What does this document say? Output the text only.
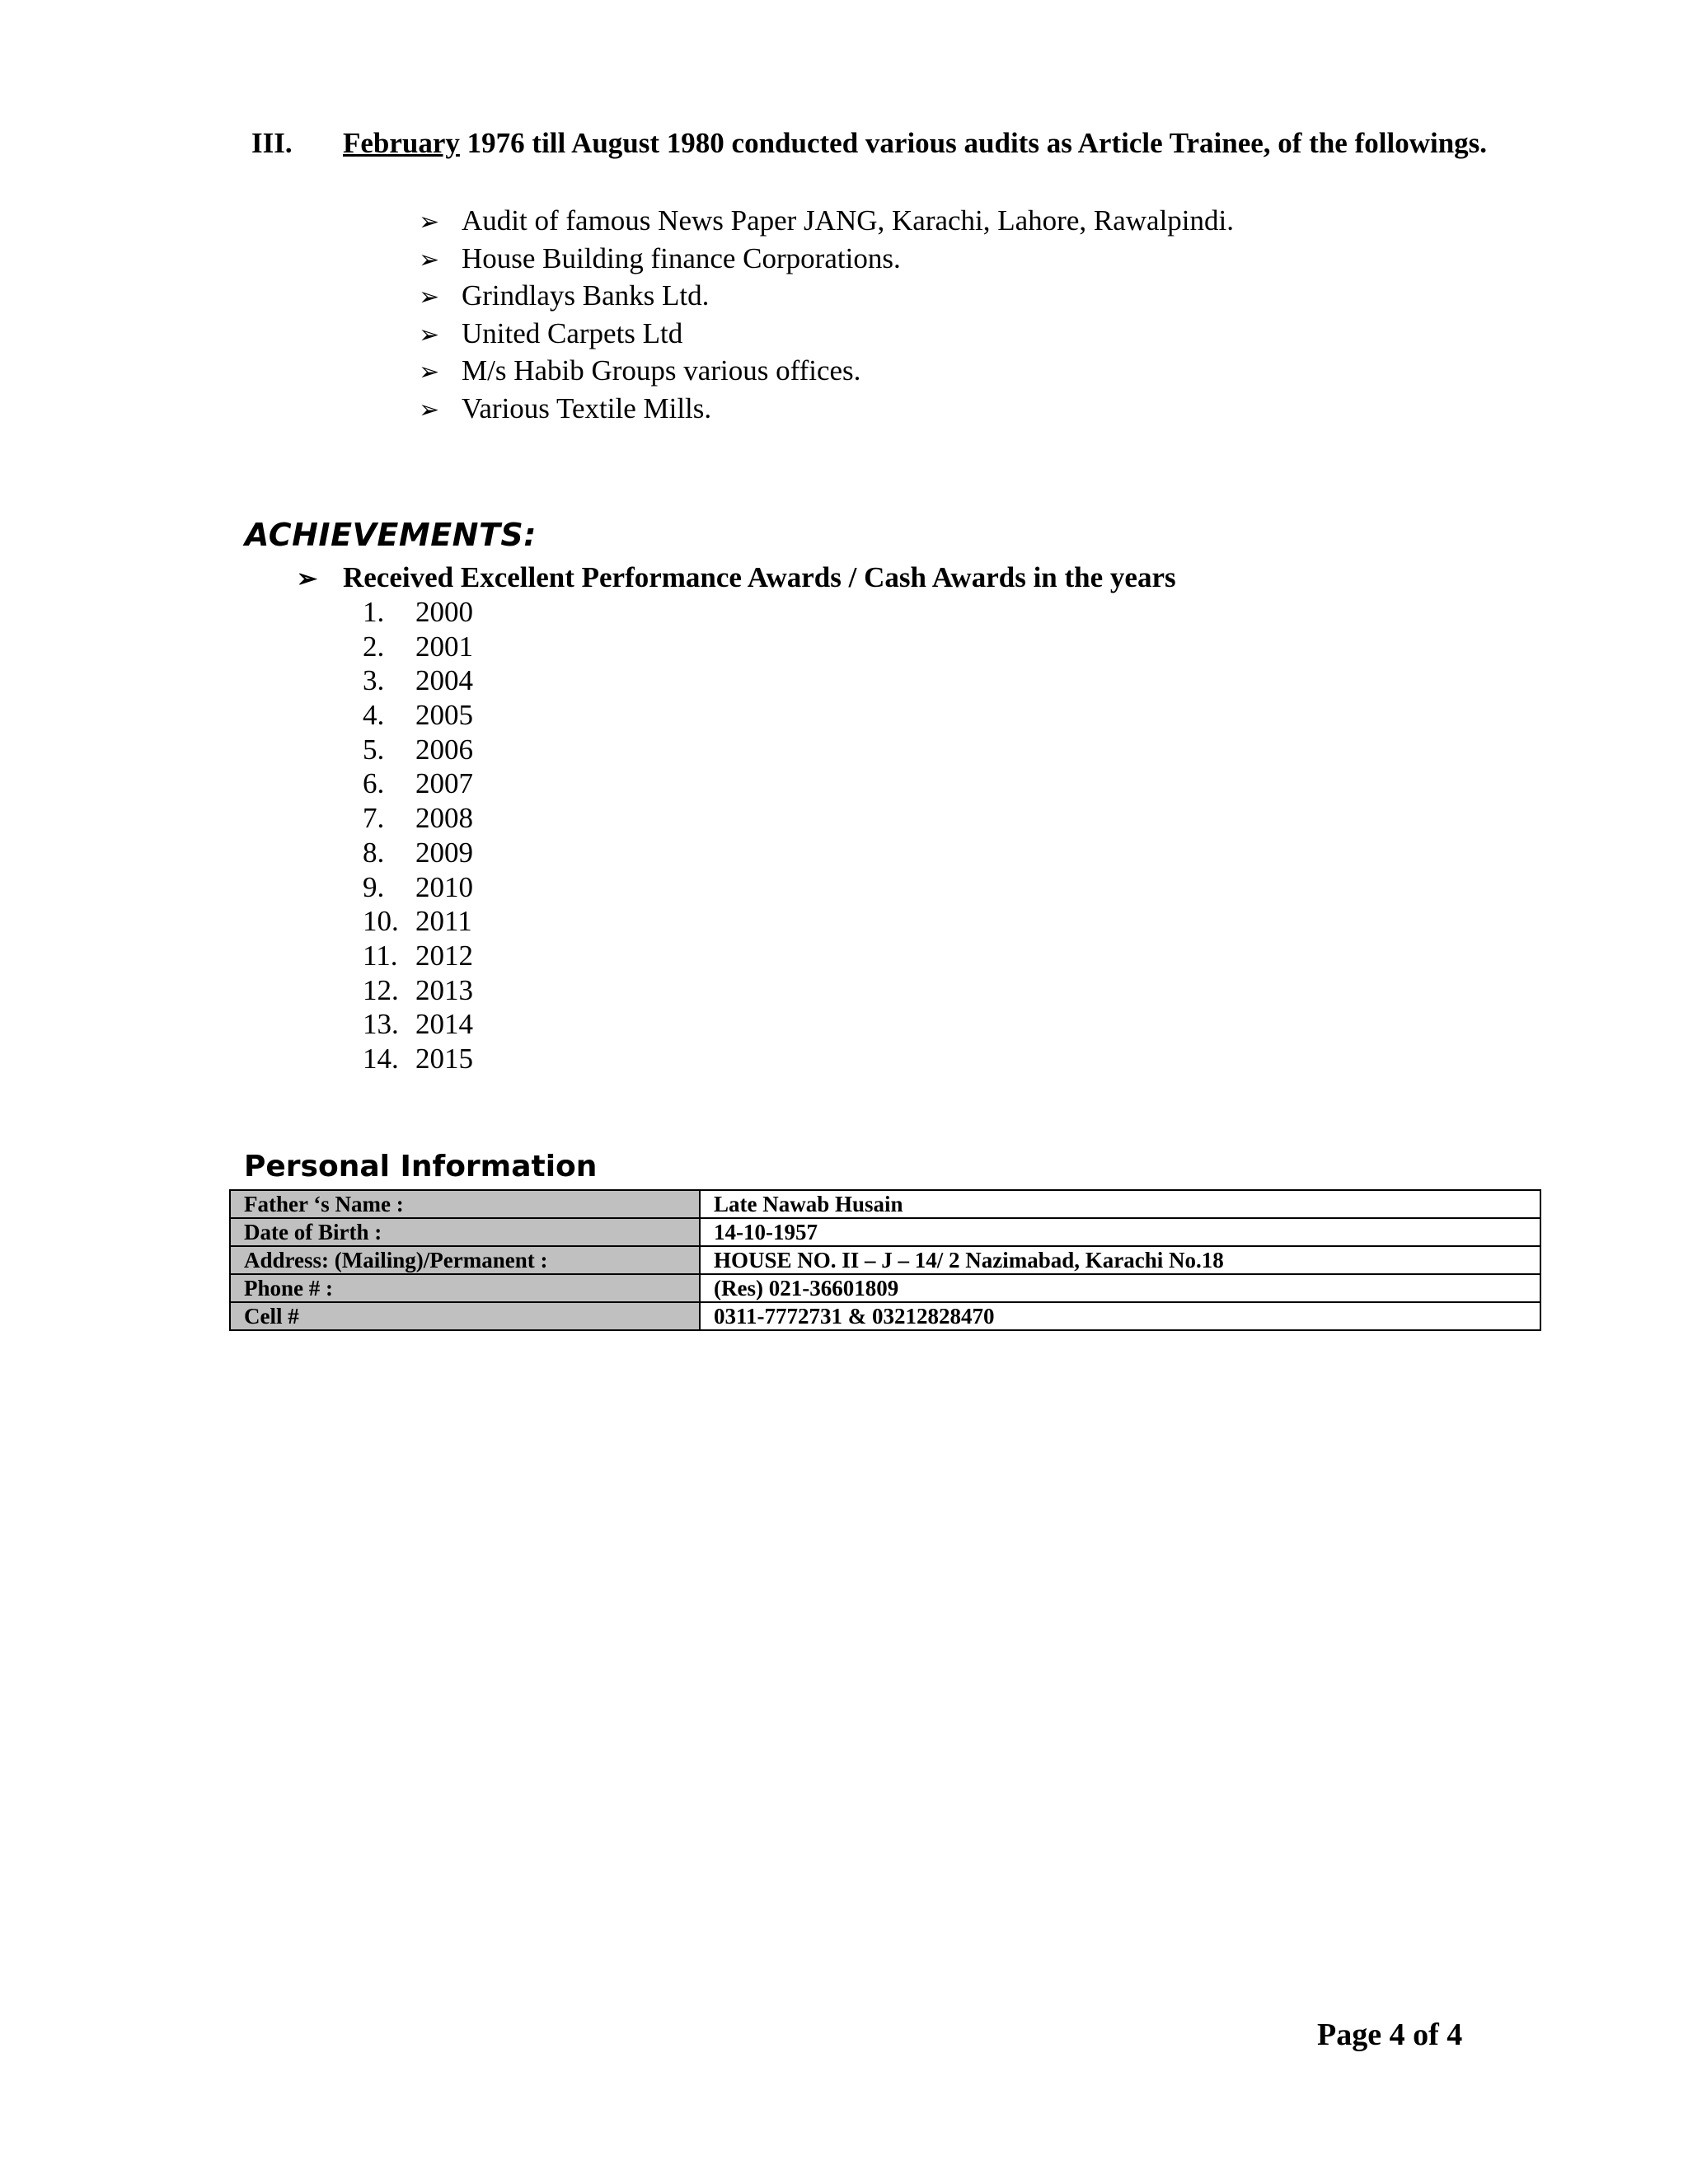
III. February 1976 till August 1980 conducted various audits as Article Trainee, of the followings.
➢ Audit of famous News Paper JANG, Karachi, Lahore, Rawalpindi.
➢ House Building finance Corporations.
➢ Grindlays Banks Ltd.
➢ United Carpets Ltd
➢ M/s Habib Groups various offices.
➢ Various Textile Mills.
ACHIEVEMENTS:
➢ Received Excellent Performance Awards / Cash Awards in the years
1. 2000
2. 2001
3. 2004
4. 2005
5. 2006
6. 2007
7. 2008
8. 2009
9. 2010
10. 2011
11. 2012
12. 2013
13. 2014
14. 2015
Personal Information
Father ‘s Name :	Late Nawab Husain
Date of Birth :	14-10-1957
Address: (Mailing)/Permanent :	HOUSE NO. II – J – 14/ 2 Nazimabad, Karachi No.18
Phone # :	(Res) 021-36601809
Cell #	0311-7772731 & 03212828470
Page 4 of 4
